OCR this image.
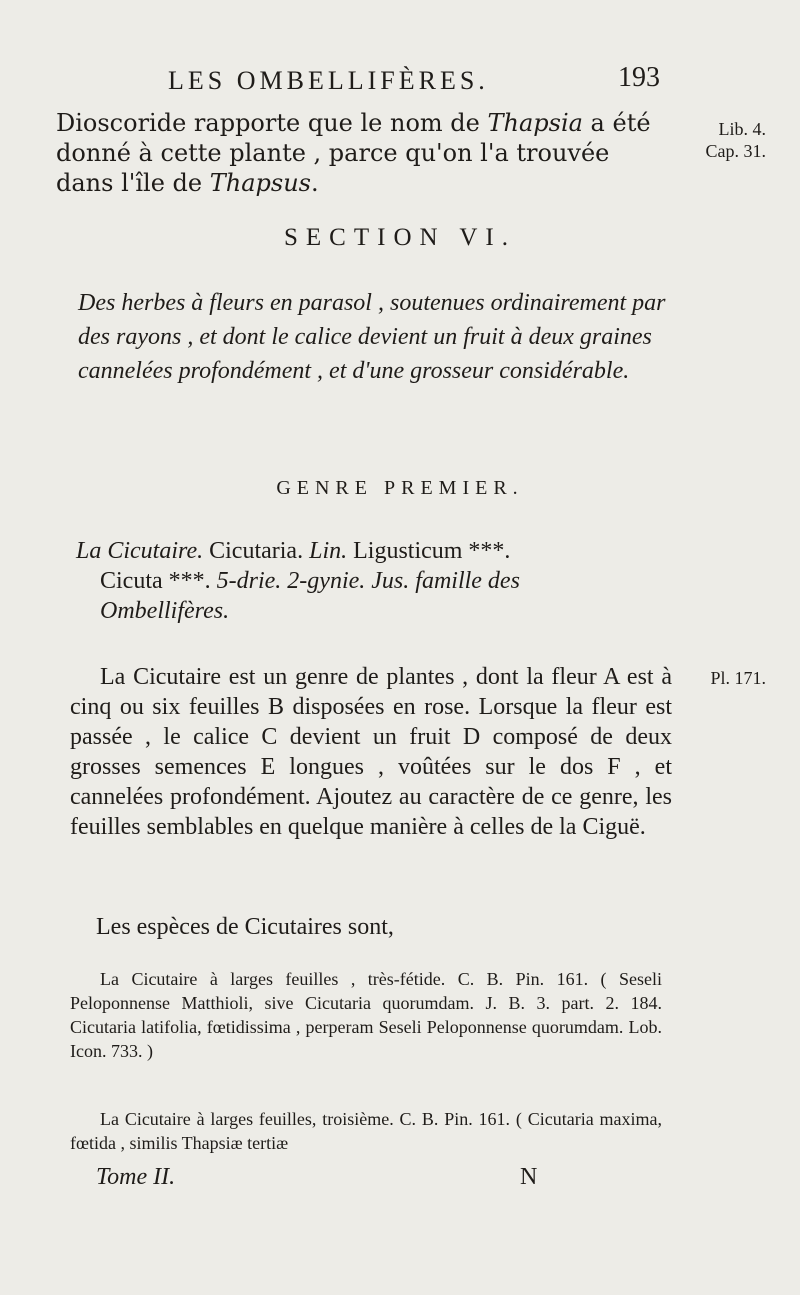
LES OMBELLIFÈRES.	193
Lib. 4.
Cap. 31.
Dioscoride rapporte que le nom de Thapsia a été donné à cette plante , parce qu'on l'a trouvée dans l'île de Thapsus.
SECTION VI.
Des herbes à fleurs en parasol , soutenues ordinairement par des rayons , et dont le calice devient un fruit à deux graines cannelées profondément , et d'une grosseur considérable.
GENRE PREMIER.
La Cicutaire. Cicutaria. Lin. Ligusticum ***.
Cicuta ***. 5-drie. 2-gynie. Jus. famille des
Ombellifères.
Pl. 171.
La Cicutaire est un genre de plantes , dont la fleur A est à cinq ou six feuilles B disposées en rose. Lorsque la fleur est passée , le calice C devient un fruit D composé de deux grosses semences E longues , voûtées sur le dos F , et cannelées profondément. Ajoutez au caractère de ce genre, les feuilles semblables en quelque manière à celles de la Ciguë.
Les espèces de Cicutaires sont,
La Cicutaire à larges feuilles , très-fétide. C. B. Pin. 161. ( Seseli Peloponnense Matthioli, sive Cicutaria quorumdam. J. B. 3. part. 2. 184. Cicutaria latifolia, fœtidissima , perperam Seseli Peloponnense quorumdam. Lob. Icon. 733. )
La Cicutaire à larges feuilles, troisième. C. B. Pin. 161. ( Cicutaria maxima, fœtida , similis Thapsiæ tertiæ
Tome II.	N
